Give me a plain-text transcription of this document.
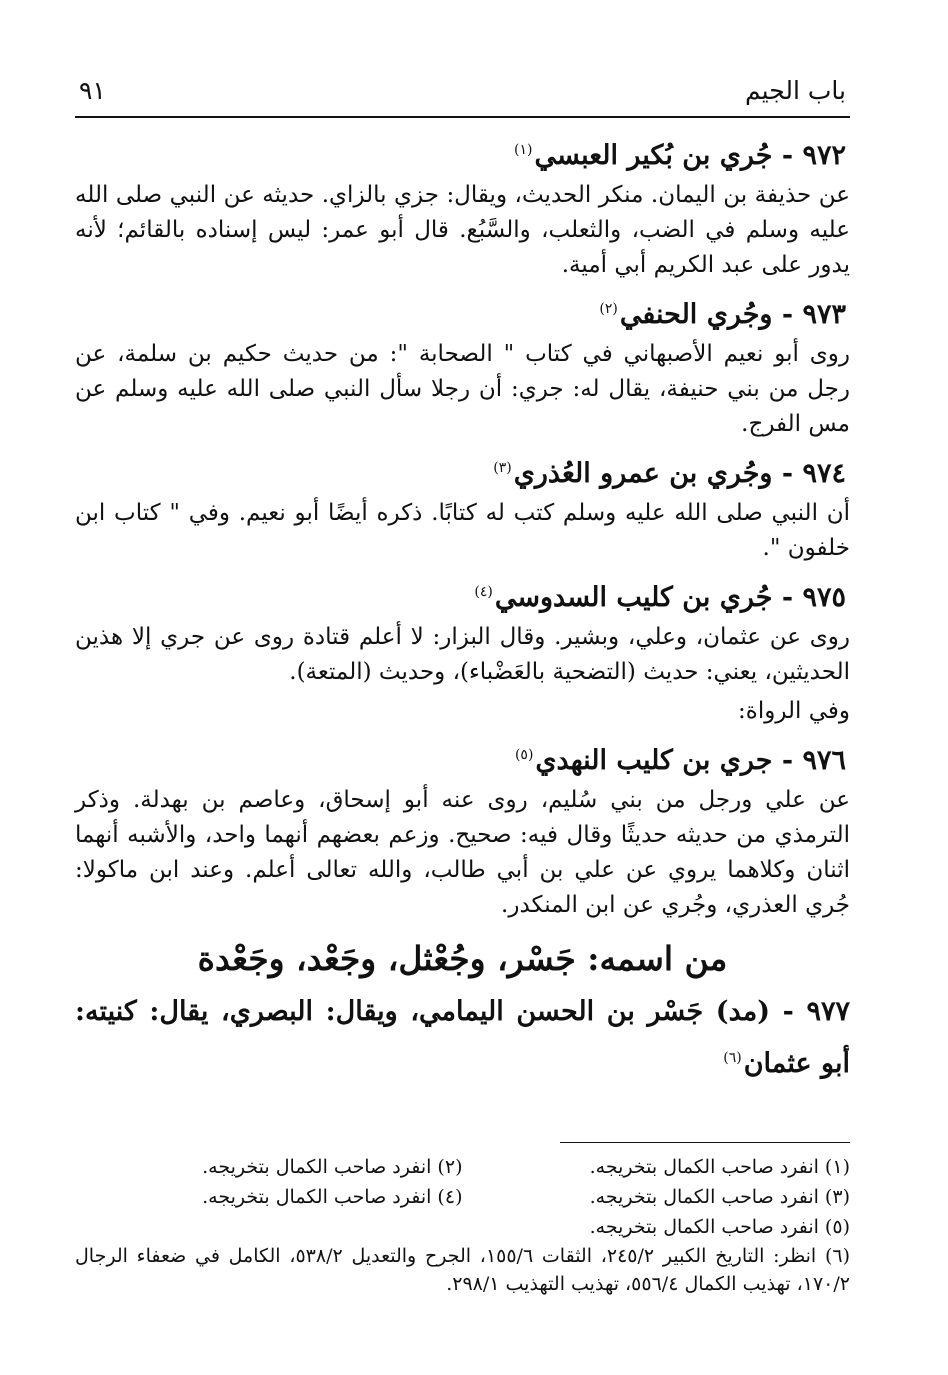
باب الجيم
٩١
٩٧٢ - جُري بن بُكير العبسي$^{(١)}$

عن حذيفة بن اليمان. منكر الحديث، ويقال: جزي بالزاي. حديثه عن النبي صلى الله عليه وسلم في الضب، والثعلب، والسَّبُع. قال أبو عمر: ليس إسناده بالقائم؛ لأنه يدور على عبد الكريم أبي أمية.

٩٧٣ - وجُري الحنفي$^{(٢)}$

روى أبو نعيم الأصبهاني في كتاب " الصحابة ": من حديث حكيم بن سلمة، عن رجل من بني حنيفة، يقال له: جري: أن رجلا سأل النبي صلى الله عليه وسلم عن مس الفرج.

٩٧٤ - وجُري بن عمرو العُذري$^{(٣)}$

أن النبي صلى الله عليه وسلم كتب له كتابًا. ذكره أيضًا أبو نعيم. وفي " كتاب ابن خلفون ".

٩٧٥ - جُري بن كليب السدوسي$^{(٤)}$

روى عن عثمان، وعلي، وبشير. وقال البزار: لا أعلم قتادة روى عن جري إلا هذين الحديثين، يعني: حديث (التضحية بالعَضْباء)، وحديث (المتعة).

وفي الرواة:

٩٧٦ - جري بن كليب النهدي$^{(٥)}$

عن علي ورجل من بني سُليم، روى عنه أبو إسحاق، وعاصم بن بهدلة. وذكر الترمذي من حديثه حديثًا وقال فيه: صحيح. وزعم بعضهم أنهما واحد، والأشبه أنهما اثنان وكلاهما يروي عن علي بن أبي طالب، والله تعالى أعلم. وعند ابن ماكولا: جُري العذري، وجُري عن ابن المنكدر.

من اسمه: جَسْر، وجُعْثل، وجَعْد، وجَعْدة
٩٧٧ - (مد) جَسْر بن الحسن اليمامي، ويقال: البصري، يقال: كنيته: أبو عثمان$^{(٦)}$
(١) انفرد صاحب الكمال بتخريجه.
(٢) انفرد صاحب الكمال بتخريجه.
(٣) انفرد صاحب الكمال بتخريجه.
(٤) انفرد صاحب الكمال بتخريجه.
(٥) انفرد صاحب الكمال بتخريجه.
(٦) انظر: التاريخ الكبير ٢٤٥/٢، الثقات ١٥٥/٦، الجرح والتعديل ٥٣٨/٢، الكامل في ضعفاء الرجال ١٧٠/٢، تهذيب الكمال ٥٥٦/٤، تهذيب التهذيب ٢٩٨/١.
